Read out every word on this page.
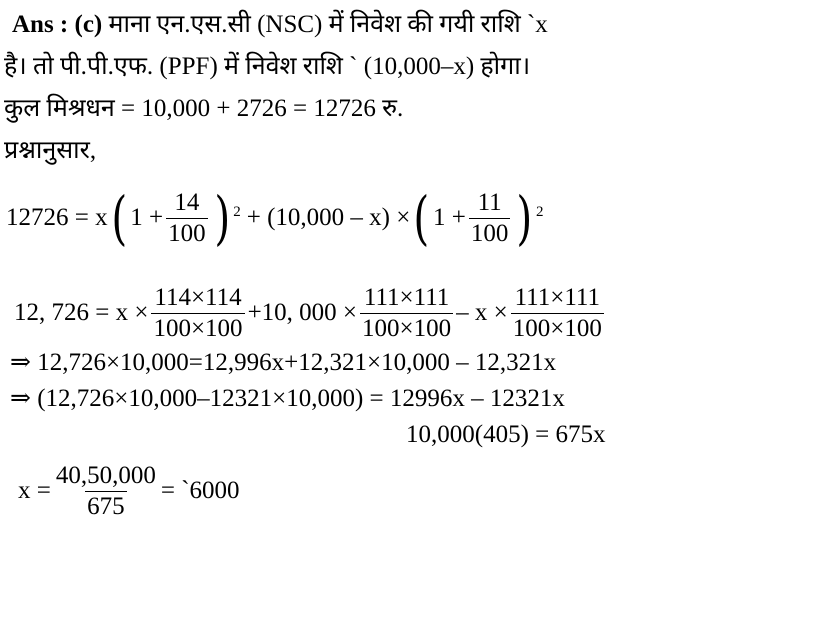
Ans : (c) माना एन.एस.सी (NSC) में निवेश की गयी राशि `x
है। तो पी.पी.एफ. (PPF) में निवेश राशि ` (10,000–x) होगा।
कुल मिश्रधन = 10,000 + 2726 = 12726 रु.
प्रश्नानुसार,
12726 = x ( $1 + \frac{14}{100}$ ) 2 + (10,000 – x) × ( $1 + \frac{11}{100}$ ) 2
12, $726 = x \times \frac{114\times 114}{100\times 100} +10$, $000 \times \frac{111\times 111}{100\times 100} - x \times \frac{111\times 111}{100\times 100}$
⇒ 12,726×10,000=12,996x+12,321×10,000 – 12,321x
⇒ (12,726×10,000–12321×10,000) = 12996x – 12321x
10,000(405) = 675x
$x = \frac{40,50,000}{675}$ = `6000
